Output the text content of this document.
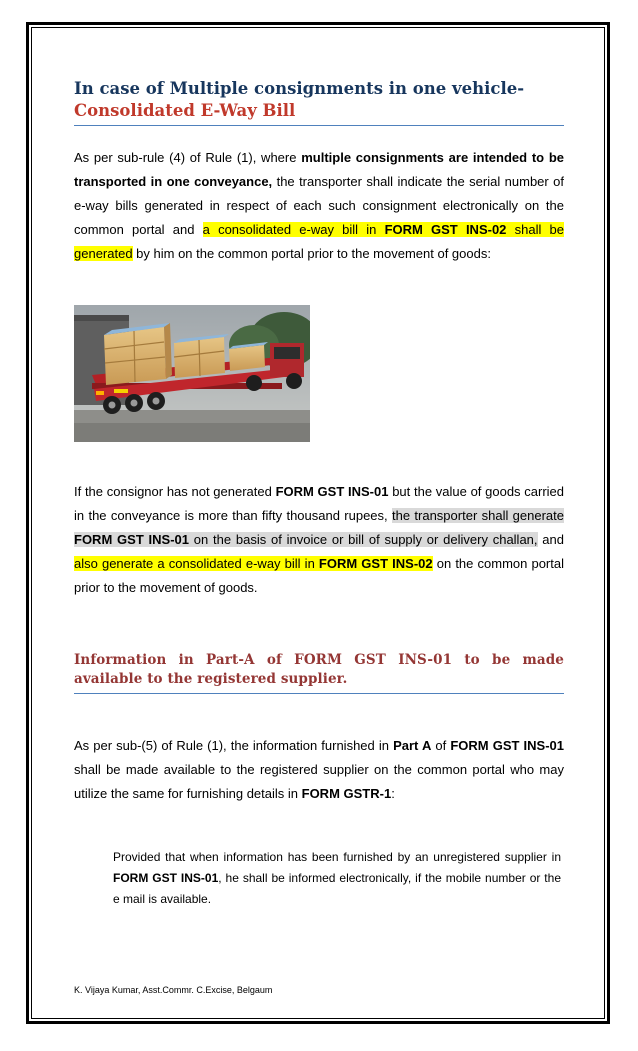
In case of Multiple consignments in one vehicle-
Consolidated E-Way Bill
As per sub-rule (4) of Rule (1), where multiple consignments are intended to be transported in one conveyance, the transporter shall indicate the serial number of e-way bills generated in respect of each such consignment electronically on the common portal and a consolidated e-way bill in FORM GST INS-02 shall be generated by him on the common portal prior to the movement of goods:
If the consignor has not generated FORM GST INS-01 but the value of goods carried in the conveyance is more than fifty thousand rupees, the transporter shall generate FORM GST INS-01 on the basis of invoice or bill of supply or delivery challan, and also generate a consolidated e-way bill in FORM GST INS-02 on the common portal prior to the movement of goods.
Information in Part-A of FORM GST INS-01 to be made available to the registered supplier.
As per sub-(5) of Rule (1), the information furnished in Part A of FORM GST INS-01 shall be made available to the registered supplier on the common portal who may utilize the same for furnishing details in FORM GSTR-1:
Provided that when information has been furnished by an unregistered supplier in FORM GST INS-01, he shall be informed electronically, if the mobile number or the e mail is available.
K. Vijaya Kumar, Asst.Commr. C.Excise, Belgaum
